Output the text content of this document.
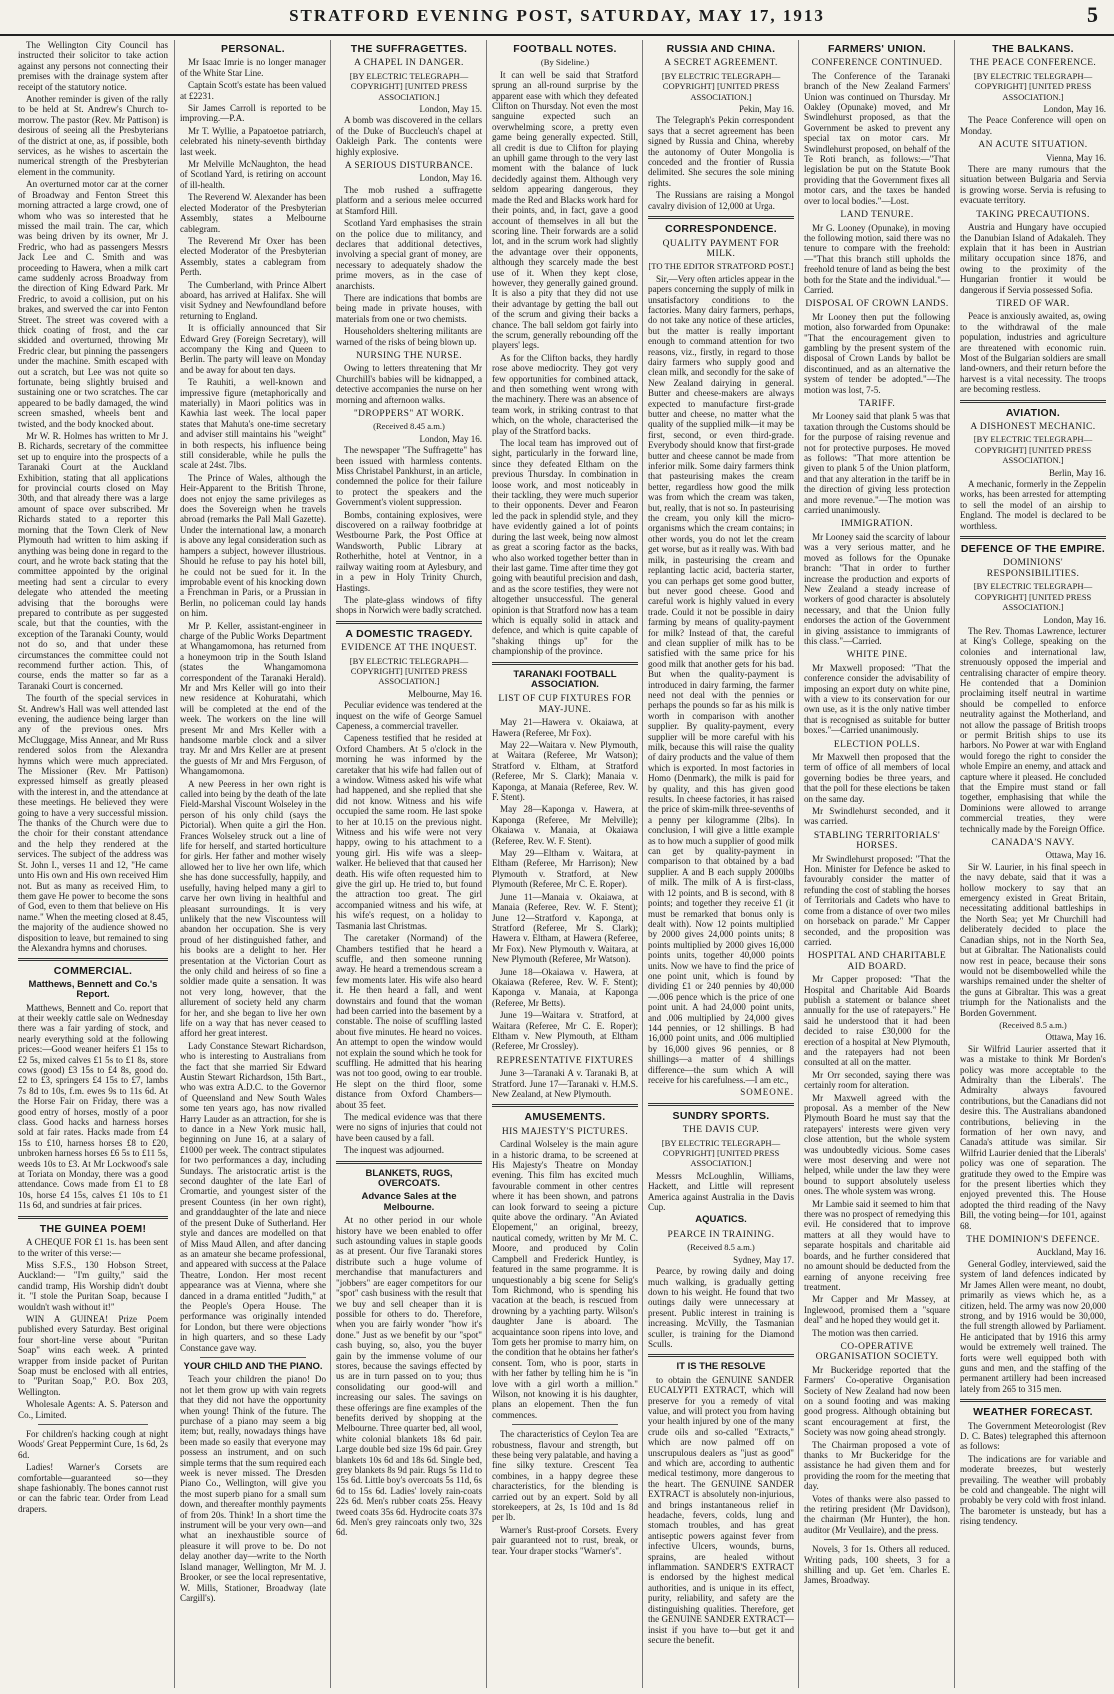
STRATFORD EVENING POST, SATURDAY, MAY 17, 1913	5

The Wellington City Council has instructed their solicitor to take action against any persons not connecting their premises with the drainage system after receipt of the statutory notice.

Another reminder is given of the rally to be held at St. Andrew's Church to-morrow. The pastor (Rev. Mr Pattison) is desirous of seeing all the Presbyterians of the district at one, as, if possible, both services, as he wishes to ascertain the numerical strength of the Presbyterian element in the community.

An overturned motor car at the corner of Broadway and Fenton Street this morning attracted a large crowd, one of whom who was so interested that he missed the mail train. The car, which was being driven by its owner, Mr J. Fredric, who had as passengers Messrs Jack Lee and C. Smith and was proceeding to Hawera, when a milk cart came suddenly across Broadway from the direction of King Edward Park. Mr Fredric, to avoid a collision, put on his brakes, and swerved the car into Fenton Street. The street was covered with a thick coating of frost, and the car skidded and overturned, throwing Mr Fredric clear, but pinning the passengers under the machine. Smith escaped with out a scratch, but Lee was not quite so fortunate, being slightly bruised and sustaining one or two scratches. The car appeared to be badly damaged, the wind screen smashed, wheels bent and twisted, and the body knocked about.

Mr W. R. Holmes has written to Mr J. B. Richards, secretary of the committee set up to enquire into the prospects of a Taranaki Court at the Auckland Exhibition, stating that all applications for provincial courts closed on May 30th, and that already there was a large amount of space over subscribed. Mr Richards stated to a reporter this morning that the Town Clerk of New Plymouth had written to him asking if anything was being done in regard to the court, and he wrote back stating that the committee appointed by the original meeting had sent a circular to every delegate who attended the meeting advising that the boroughs were prepared to contribute as per suggested scale, but that the counties, with the exception of the Taranaki County, would not do so, and that under these circumstances the committee could not recommend further action. This, of course, ends the matter so far as a Taranaki Court is concerned.

The fourth of the special services in St. Andrew's Hall was well attended last evening, the audience being larger than any of the previous ones. Mrs McCluggage, Miss Annear, and Mr Russ rendered solos from the Alexandra hymns which were much appreciated. The Missioner (Rev. Mr Pattison) expressed himself as greatly pleased with the interest in, and the attendance at these meetings. He believed they were going to have a very successful mission. The thanks of the Church were due to the choir for their constant attendance and the help they rendered at the services. The subject of the address was St. John I., verses 11 and 12, "He came unto His own and His own received Him not. But as many as received Him, to them gave He power to become the sons of God, even to them that believe on His name." When the meeting closed at 8.45, the majority of the audience showed no disposition to leave, but remained to sing the Alexandra hymns and choruses.

COMMERCIAL.
Matthews, Bennett and Co.'s Report.

Matthews, Bennett and Co. report that at their weekly cattle sale on Wednesday there was a fair yarding of stock, and nearly everything sold at the following prices:—Good weaner heifers £1 15s to £2 5s, mixed calves £1 5s to £1 8s, store cows (good) £3 15s to £4 8s, good do. £2 to £3, springers £4 15s to £7, lambs 7s 8d to 10s, f.m. ewes 9s to 11s 6d. At the Horse Fair on Friday, there was a good entry of horses, mostly of a poor class. Good hacks and harness horses sold at fair rates. Hacks made from £4 15s to £10, harness horses £8 to £20, unbroken harness horses £6 5s to £11 5s, weeds 10s to £3. At Mr Lockwood's sale at Toriata on Monday, there was a good attendance. Cows made from £1 to £8 10s, horse £4 15s, calves £1 10s to £1 11s 6d, and sundries at fair prices.

THE GUINEA POEM!

A CHEQUE FOR £1 1s. has been sent to the writer of this verse:—

Miss S.F.S., 130 Hobson Street, Auckland:— "I'm guilty," said the candid tramp, His Worship didn't doubt it. "I stole the Puritan Soap, because I wouldn't wash without it!"

WIN A GUINEA! Prize Poem published every Saturday. Best original four short-line verse about "Puritan Soap" wins each week. A printed wrapper from inside packet of Puritan Soap must be enclosed with all entries, to "Puritan Soap," P.O. Box 203, Wellington.

Wholesale Agents: A. S. Paterson and Co., Limited.

For children's hacking cough at night Woods' Great Peppermint Cure, 1s 6d, 2s 6d.

Ladies! Warner's Corsets are comfortable—guaranteed so—they shape fashionably. The bones cannot rust or can the fabric tear. Order from Lead drapers.

PERSONAL.

Mr Isaac Imrie is no longer manager of the White Star Line.

Captain Scott's estate has been valued at £2231.

Sir James Carroll is reported to be improving.—P.A.

Mr T. Wyllie, a Papatoetoe patriarch, celebrated his ninety-seventh birthday last week.

Mr Melville McNaughton, the head of Scotland Yard, is retiring on account of ill-health.

The Reverend W. Alexander has been elected Moderator of the Presbyterian Assembly, states a Melbourne cablegram.

The Reverend Mr Oxer has been elected Moderator of the Presbyterian Assembly, states a cablegram from Perth.

The Cumberland, with Prince Albert aboard, has arrived at Halifax. She will visit Sydney and Newfoundland before returning to England.

It is officially announced that Sir Edward Grey (Foreign Secretary), will accompany the King and Queen to Berlin. The party will leave on Monday and be away for about ten days.

Te Rauhiti, a well-known and impressive figure (metaphorically and materially) in Maori politics was in Kawhia last week. The local paper states that Mahuta's one-time secretary and adviser still maintains his "weight" in both respects, his influence being still considerable, while he pulls the scale at 24st. 7lbs.

The Prince of Wales, although the Heir-Apparent to the British Throne, does not enjoy the same privileges as does the Sovereign when he travels abroad (remarks the Pall Mall Gazette). Under the international law, a monarch is above any legal consideration such as hampers a subject, however illustrious. Should he refuse to pay his hotel bill, he could not be sued for it. In the improbable event of his knocking down a Frenchman in Paris, or a Prussian in Berlin, no policeman could lay hands on him.

Mr P. Keller, assistant-engineer in charge of the Public Works Department at Whangamomona, has returned from a honeymoon trip in the South Island (states the Whangamomona correspondent of the Taranaki Herald). Mr and Mrs Keller will go into their new residence at Kohuratahi, which will be completed at the end of the week. The workers on the line will present Mr and Mrs Keller with a handsome marble clock and a silver tray. Mr and Mrs Keller are at present the guests of Mr and Mrs Ferguson, of Whangamomona.

A new Peeress in her own right is called into being by the death of the late Field-Marshal Viscount Wolseley in the person of his only child (says the Pictorial). When quite a girl the Hon. Frances Wolseley struck out a line of life for herself, and started horticulture for girls. Her father and mother wisely allowed her to live her own life, which she has done successfully, happily, and usefully, having helped many a girl to carve her own living in healthful and pleasant surroundings. It is very unlikely that the new Viscountess will abandon her occupation. She is very proud of her distinguished father, and his books are a delight to her. Her presentation at the Victorian Court as the only child and heiress of so fine a soldier made quite a sensation. It was not very long, however, that the allurement of society held any charm for her, and she began to live her own life on a way that has never ceased to afford her great interest.

Lady Constance Stewart Richardson, who is interesting to Australians from the fact that she married Sir Edward Austin Stewart Richardson, 15th Bart., who was extra A.D.C. to the Governor of Queensland and New South Wales some ten years ago, has now rivalled Harry Lauder as an attraction, for she is to dance in a New York music hall, beginning on June 16, at a salary of £1000 per week. The contract stipulates for two performances a day, including Sundays. The aristocratic artist is the second daughter of the late Earl of Cromartie, and youngest sister of the present Countess (in her own right), and granddaughter of the late and niece of the present Duke of Sutherland. Her style and dances are modelled on that of Miss Maud Allen, and after dancing as an amateur she became professional, and appeared with success at the Palace Theatre, London. Her most recent appearance was at Vienna, where she danced in a drama entitled "Judith," at the People's Opera House. The performance was originally intended for London, but there were objections in high quarters, and so these Lady Constance gave way.

YOUR CHILD AND THE PIANO.

Teach your children the piano! Do not let them grow up with vain regrets that they did not have the opportunity when young! Think of the future. The purchase of a piano may seem a big item; but, really, nowadays things have been made so easily that everyone may possess an instrument, and on such simple terms that the sum required each week is never missed. The Dresden Piano Co., Wellington, will give you the most superb piano for a small sum down, and thereafter monthly payments of from 20s. Think! In a short time the instrument will be your very own—and what an inexhaustible source of pleasure it will prove to be. Do not delay another day—write to the North Island manager, Wellington, Mr M. J. Brooker, or see the local representative, W. Mills, Stationer, Broadway (late Cargill's).

THE SUFFRAGETTES.
A CHAPEL IN DANGER.
[BY ELECTRIC TELEGRAPH—COPYRIGHT] [UNITED PRESS ASSOCIATION.]
London, May 15.

A bomb was discovered in the cellars of the Duke of Buccleuch's chapel at Oakleigh Park. The contents were highly explosive.

A SERIOUS DISTURBANCE.
London, May 16.

The mob rushed a suffragette platform and a serious melee occurred at Stamford Hill.

Scotland Yard emphasises the strain on the police due to militancy, and declares that additional detectives, involving a special grant of money, are necessary to adequately shadow the prime movers, as in the case of anarchists.

There are indications that bombs are being made in private houses, with materials from one or two chemists.

Householders sheltering militants are warned of the risks of being blown up.

NURSING THE NURSE.

Owing to letters threatening that Mr Churchill's babies will be kidnapped, a detective accompanies the nurse on her morning and afternoon walks.

"DROPPERS" AT WORK.
(Received 8.45 a.m.)
London, May 16.

The newspaper "The Suffragette" has been issued with harmless contents. Miss Christabel Pankhurst, in an article, condemned the police for their failure to protect the speakers and the Government's violent suppression.

Bombs, containing explosives, were discovered on a railway footbridge at Westbourne Park, the Post Office at Wandsworth, Public Library at Rotherhithe, hotel at Ventnor, in a railway waiting room at Aylesbury, and in a pew in Holy Trinity Church, Hastings.

The plate-glass windows of fifty shops in Norwich were badly scratched.

A DOMESTIC TRAGEDY.
EVIDENCE AT THE INQUEST.
[BY ELECTRIC TELEGRAPH—COPYRIGHT] [UNITED PRESS ASSOCIATION.]
Melbourne, May 16.

Peculiar evidence was tendered at the inquest on the wife of George Samuel Capeness, a commercial traveller.

Capeness testified that he resided at Oxford Chambers. At 5 o'clock in the morning he was informed by the caretaker that his wife had fallen out of a window. Witness asked his wife what had happened, and she replied that she did not know. Witness and his wife occupied the same room. He last spoke to her at 10.15 on the previous night. Witness and his wife were not very happy, owing to his attachment to a young girl. His wife was a sleep-walker. He believed that that caused her death. His wife often requested him to give the girl up. He tried to, but found the attraction too great. The girl accompanied witness and his wife, at his wife's request, on a holiday to Tasmania last Christmas.

The caretaker (Normand) of the Chambers testified that he heard a scuffle, and then someone running away. He heard a tremendous scream a few moments later. His wife also heard it. He then heard a fall, and went downstairs and found that the woman had been carried into the basement by a constable. The noise of scuffling lasted about five minutes. He heard no voices. An attempt to open the window would not explain the sound which he took for scuffling. He admitted that his hearing was not too good, owing to ear trouble. He slept on the third floor, some distance from Oxford Chambers—about 35 feet.

The medical evidence was that there were no signs of injuries that could not have been caused by a fall.

The inquest was adjourned.

BLANKETS, RUGS, OVERCOATS.
Advance Sales at the Melbourne.

At no other period in our whole history have we been enabled to offer such astounding values in staple goods as at present. Our five Taranaki stores distribute such a huge volume of merchandise that manufacturers and "jobbers" are eager competitors for our "spot" cash business with the result that we buy and sell cheaper than it is possible for others to do. Therefore, when you are fairly wonder "how it's done." Just as we benefit by our "spot" cash buying, so, also, you the buyer gain by the immense volume of our stores, because the savings effected by us are in turn passed on to you; thus consolidating our good-will and increasing our sales. The savings on these offerings are fine examples of the benefits derived by shopping at the Melbourne. Three quarter bed, all wool, white colonial blankets 18s 6d pair. Large double bed size 19s 6d pair. Grey blankets 10s 6d and 18s 6d. Single bed, grey blankets 8s 9d pair. Rugs 5s 11d to 15s 6d. Little boy's overcoats 5s 11d, 6s 6d to 15s 6d. Ladies' lovely rain-coats 22s 6d. Men's rubber coats 25s. Heavy tweed coats 35s 6d. Hydrocite coats 37s 6d. Men's grey raincoats only two, 32s 6d.

FOOTBALL NOTES.
(By Sideline.)

It can well be said that Stratford sprung an all-round surprise by the apparent ease with which they defeated Clifton on Thursday. Not even the most sanguine expected such an overwhelming score, a pretty even game being generally expected. Still, all credit is due to Clifton for playing an uphill game through to the very last moment with the balance of luck decidedly against them. Although very seldom appearing dangerous, they made the Red and Blacks work hard for their points, and, in fact, gave a good account of themselves in all but the scoring line. Their forwards are a solid lot, and in the scrum work had slightly the advantage over their opponents, although they scarcely made the best use of it. When they kept close, however, they generally gained ground. It is also a pity that they did not use their advantage by getting the ball out of the scrum and giving their backs a chance. The ball seldom got fairly into the scrum, generally rebounding off the players' legs.

As for the Clifton backs, they hardly rose above mediocrity. They got very few opportunities for combined attack, and then something went wrong with the machinery. There was an absence of team work, in striking contrast to that which, on the whole, characterised the play of the Stratford backs.

The local team has improved out of sight, particularly in the forward line, since they defeated Eltham on the previous Thursday. In combination in loose work, and most noticeably in their tackling, they were much superior to their opponents. Dever and Fearon led the pack in splendid style, and they have evidently gained a lot of points during the last week, being now almost as great a scoring factor as the backs, who also worked together better than in their last game. Time after time they got going with beautiful precision and dash, and as the score testifies, they were not altogether unsuccessful. The general opinion is that Stratford now has a team which is equally solid in attack and defence, and which is quite capable of "shaking things up" for the championship of the province.

TARANAKI FOOTBALL ASSOCIATION.
LIST OF CUP FIXTURES FOR MAY-JUNE.

May 21—Hawera v. Okaiawa, at Hawera (Referee, Mr Fox).

May 22—Waitara v. New Plymouth, at Waitara (Referee, Mr Watson); Stratford v. Eltham, at Stratford (Referee, Mr S. Clark); Manaia v. Kaponga, at Manaia (Referee, Rev. W. F. Stent).

May 28—Kaponga v. Hawera, at Kaponga (Referee, Mr Melville); Okaiawa v. Manaia, at Okaiawa (Referee, Rev. W. F. Stent).

May 29—Eltham v. Waitara, at Eltham (Referee, Mr Harrison); New Plymouth v. Stratford, at New Plymouth (Referee, Mr C. E. Roper).

June 11—Manaia v. Okaiawa, at Manaia (Referee, Rev. W. F. Stent); June 12—Stratford v. Kaponga, at Stratford (Referee, Mr S. Clark); Hawera v. Eltham, at Hawera (Referee, Mr Fox). New Plymouth v. Waitara, at New Plymouth (Referee, Mr Watson).

June 18—Okaiawa v. Hawera, at Okaiawa (Referee, Rev. W. F. Stent); Kaponga v. Manaia, at Kaponga (Referee, Mr Betts).

June 19—Waitara v. Stratford, at Waitara (Referee, Mr C. E. Roper); Eltham v. New Plymouth, at Eltham (Referee, Mr Crossley).

REPRESENTATIVE FIXTURES

June 3—Taranaki A v. Taranaki B, at Stratford. June 17—Taranaki v. H.M.S. New Zealand, at New Plymouth.

AMUSEMENTS.
HIS MAJESTY'S PICTURES.

Cardinal Wolseley is the main agure in a historic drama, to be screened at His Majesty's Theatre on Monday evening. This film has excited much favourable comment in other centres where it has been shown, and patrons can look forward to seeing a picture quite above the ordinary. "An Aviated Elopement," an original, breezy, nautical comedy, written by Mr M. C. Moore, and produced by Colin Campbell and Frederick Huntley, is featured in the same programme. It is unquestionably a big scene for Selig's Tom Richmond, who is spending his vacation at the beach, is rescued from drowning by a yachting party. Wilson's daughter Jane is aboard. The acquaintance soon ripens into love, and Tom gets her promise to marry him, on the condition that he obtains her father's consent. Tom, who is poor, starts in with her father by telling him he is "in love with a girl worth a million." Wilson, not knowing it is his daughter, plans an elopement. Then the fun commences.

The characteristics of Ceylon Tea are robustness, flavour and strength, but these being very palatable, and having a fine silky texture. Crescent Tea combines, in a happy degree these characteristics, for the blending is carried out by an expert. Sold by all storekeepers, at 2s, 1s 10d and 1s 8d per lb.

Warner's Rust-proof Corsets. Every pair guaranteed not to rust, break, or tear. Your draper stocks "Warner's".

RUSSIA AND CHINA.
A SECRET AGREEMENT.
[BY ELECTRIC TELEGRAPH—COPYRIGHT] [UNITED PRESS ASSOCIATION.]
Pekin, May 16.

The Telegraph's Pekin correspondent says that a secret agreement has been signed by Russia and China, whereby the autonomy of Outer Mongolia is conceded and the frontier of Russia delimited. She secures the sole mining rights.

The Russians are raising a Mongol cavalry division of 12,000 at Urga.

CORRESPONDENCE.
QUALITY PAYMENT FOR MILK.
[TO THE EDITOR STRATFORD POST.]

Sir,—Very often articles appear in the papers concerning the supply of milk in unsatisfactory conditions to the factories. Many dairy farmers, perhaps, do not take any notice of these articles, but the matter is really important enough to command attention for two reasons, viz., firstly, in regard to those dairy farmers who supply good and clean milk, and secondly for the sake of New Zealand dairying in general. Butter and cheese-makers are always expected to manufacture first-grade butter and cheese, no matter what the quality of the supplied milk—it may be first, second, or even third-grade. Everybody should know that first-grade butter and cheese cannot be made from inferior milk. Some dairy farmers think that pasteurising makes the cream better, regardless how good the milk was from which the cream was taken, but, really, that is not so. In pasteurising the cream, you only kill the micro-organisms which the cream contains; in other words, you do not let the cream get worse, but as it really was. With bad milk, in pasteurising the cream and replanting lactic acid, bacteria starter, you can perhaps get some good butter, but never good cheese. Good and careful work is highly valued in every trade. Could it not be possible in dairy farming by means of quality-payment for milk? Instead of that, the careful and clean supplier of milk has to be satisfied with the same price for his good milk that another gets for his bad. But when the quality-payment is introduced in dairy farming, the farmer need not deal with the pennies or perhaps the pounds so far as his milk is worth in comparison with another supplier. By quality-payment, every supplier will be more careful with his milk, because this will raise the quality of dairy products and the value of them which is exported. In most factories in Homo (Denmark), the milk is paid for by quality, and this has given good results. In cheese factories, it has raised the price of skim-milk three-sevenths of a penny per kilogramme (2lbs). In conclusion, I will give a little example as to how much a supplier of good milk can get by quality-payment in comparison to that obtained by a bad supplier. A and B each supply 2000lbs of milk. The milk of A is first-class, with 12 points, and B is second, with 8 points; and together they receive £1 (it must be remarked that bonus only is dealt with). Now 12 points multiplied by 2000 gives 24,000 points units; 8 points multiplied by 2000 gives 16,000 points units, together 40,000 points units. Now we have to find the price of one point unit, which is found by dividing £1 or 240 pennies by 40,000—.006 pence which is the price of one point unit. A had 24,000 point units, and .006 multiplied by 24,000 gives 144 pennies, or 12 shillings. B had 16,000 point units, and .006 multiplied by 16,000 gives 96 pennies, or 8 shillings—a matter of 4 shillings difference—the sum which A will receive for his carefulness.—I am etc.,

SOMEONE.
SUNDRY SPORTS.
THE DAVIS CUP.
[BY ELECTRIC TELEGRAPH—COPYRIGHT] [UNITED PRESS ASSOCIATION.]

Messrs McLoughlin, Williams, Hackett, and Little will represent America against Australia in the Davis Cup.

AQUATICS.
PEARCE IN TRAINING.
(Received 8.5 a.m.)
Sydney, May 17.

Pearce, by rowing daily and doing much walking, is gradually getting down to his weight. He found that two outings daily were unnecessary at present. Public interest in training is increasing. McVilly, the Tasmanian sculler, is training for the Diamond Sculls.

IT IS THE RESOLVE

to obtain the GENUINE SANDER EUCALYPTI EXTRACT, which will preserve for you a remedy of vital value, and will protect you from having your health injured by one of the many crude oils and so-called "Extracts," which are now palmed off on unscrupulous dealers as "just as good" and which are, according to authentic medical testimony, more dangerous to the heart. The GENUINE SANDER EXTRACT is absolutely non-injurious, and brings instantaneous relief in headache, fevers, colds, lung and stomach troubles, and has great antiseptic powers against fever from infective Ulcers, wounds, burns, sprains, are healed without inflammation. SANDER'S EXTRACT is endorsed by the highest medical authorities, and is unique in its effect, purity, reliability, and safety are the distinguishing qualities. Therefore, get the GENUINE SANDER EXTRACT—insist if you have to—but get it and secure the benefit.

FARMERS' UNION.
CONFERENCE CONTINUED.

The Conference of the Taranaki branch of the New Zealand Farmers' Union was continued on Thursday. Mr Oakley (Opunake) moved, and Mr Swindlehurst proposed, as that the Government be asked to prevent any special tax on motor cars. Mr Swindlehurst proposed, on behalf of the Te Roti branch, as follows:—"That legislation be put on the Statute Book providing that the Government fixes all motor cars, and the taxes be handed over to local bodies."—Lost.

LAND TENURE.

Mr G. Looney (Opunake), in moving the following motion, said there was no tenure to compare with the freehold:—"That this branch still upholds the freehold tenure of land as being the best both for the State and the individual."—Carried.

DISPOSAL OF CROWN LANDS.

Mr Looney then put the following motion, also forwarded from Opunake: "That the encouragement given to gambling by the present system of the disposal of Crown Lands by ballot be discontinued, and as an alternative the system of tender be adopted."—The motion was lost, 7-5.

TARIFF.

Mr Looney said that plank 5 was that taxation through the Customs should be for the purpose of raising revenue and not for protective purposes. He moved as follows: "That more attention be given to plank 5 of the Union platform, and that any alteration in the tariff be in the direction of giving less protection and more revenue."—The motion was carried unanimously.

IMMIGRATION.

Mr Looney said the scarcity of labour was a very serious matter, and he moved as follows for the Opunake branch: "That in order to further increase the production and exports of New Zealand a steady increase of workers of good character is absolutely necessary, and that the Union fully endorses the action of the Government in giving assistance to immigrants of this class."—Carried.

WHITE PINE.

Mr Maxwell proposed: "That the conference consider the advisability of imposing an export duty on white pine, with a view to its conservation for our own use, as it is the only native timber that is recognised as suitable for butter boxes."—Carried unanimously.

ELECTION POLLS.

Mr Maxwell then proposed that the term of office of all members of local governing bodies be three years, and that the poll for these elections be taken on the same day.

Mr Swindlehurst seconded, and it was carried.

STABLING TERRITORIALS' HORSES.

Mr Swindlehurst proposed: "That the Hon. Minister for Defence be asked to favourably consider the matter of refunding the cost of stabling the horses of Territorials and Cadets who have to come from a distance of over two miles on horseback on parade." Mr Capper seconded, and the proposition was carried.

HOSPITAL AND CHARITABLE AID BOARD.

Mr Capper proposed: "That the Hospital and Charitable Aid Boards publish a statement or balance sheet annually for the use of ratepayers." He said he understood that it had been decided to raise £30,000 for the erection of a hospital at New Plymouth, and the ratepayers had not been consulted at all on the matter.

Mr Orr seconded, saying there was certainly room for alteration.

Mr Maxwell agreed with the proposal. As a member of the New Plymouth Board he must say that the ratepayers' interests were given very close attention, but the whole system was undoubtedly vicious. Some cases were most deserving and were not helped, while under the law they were bound to support absolutely useless ones. The whole system was wrong.

Mr Lambie said it seemed to him that there was no prospect of remedying this evil. He considered that to improve matters at all they would have to separate hospitals and charitable aid boards, and he further considered that no amount should be deducted from the earning of anyone receiving free treatment.

Mr Capper and Mr Massey, at Inglewood, promised them a "square deal" and he hoped they would get it.

The motion was then carried.

CO-OPERATIVE ORGANISATION SOCIETY.

Mr Buckeridge reported that the Farmers' Co-operative Organisation Society of New Zealand had now been on a sound footing and was making good progress. Although obtaining but scant encouragement at first, the Society was now going ahead strongly.

The Chairman proposed a vote of thanks to Mr Buckeridge for the assistance he had given them and for providing the room for the meeting that day.

Votes of thanks were also passed to the retiring president (Mr Davidson), the chairman (Mr Hunter), the hon. auditor (Mr Veullaire), and the press.

Novels, 3 for 1s. Others all reduced. Writing pads, 100 sheets, 3 for a shilling and up. Get 'em. Charles E. James, Broadway.

THE BALKANS.
THE PEACE CONFERENCE.
[BY ELECTRIC TELEGRAPH—COPYRIGHT] [UNITED PRESS ASSOCIATION.]
London, May 16.

The Peace Conference will open on Monday.

AN ACUTE SITUATION.
Vienna, May 16.

There are many rumours that the situation between Bulgaria and Servia is growing worse. Servia is refusing to evacuate territory.

TAKING PRECAUTIONS.

Austria and Hungary have occupied the Danubian Island of Adakaleh. They explain that it has been in Austrian military occupation since 1876, and owing to the proximity of the Hungarian frontier it would be dangerous if Servia possessed Sofia.

TIRED OF WAR.

Peace is anxiously awaited, as, owing to the withdrawal of the male population, industries and agriculture are threatened with economic ruin. Most of the Bulgarian soldiers are small land-owners, and their return before the harvest is a vital necessity. The troops are becoming restless.

AVIATION.
A DISHONEST MECHANIC.
[BY ELECTRIC TELEGRAPH—COPYRIGHT] [UNITED PRESS ASSOCIATION.]
Berlin, May 16.

A mechanic, formerly in the Zeppelin works, has been arrested for attempting to sell the model of an airship to England. The model is declared to be worthless.

DEFENCE OF THE EMPIRE.
DOMINIONS' RESPONSIBILITIES.
[BY ELECTRIC TELEGRAPH—COPYRIGHT] [UNITED PRESS ASSOCIATION.]
London, May 16.

The Rev. Thomas Lawrence, lecturer at King's College, speaking on the colonies and international law, strenuously opposed the imperial and centralising character of empire theory. He contended that a Dominion proclaiming itself neutral in wartime should be compelled to enforce neutrality against the Motherland, and not allow the passage of British troops or permit British ships to use its harbors. No Power at war with England would forego the right to consider the whole Empire an enemy, and attack and capture where it pleased. He concluded that the Empire must stand or fall together, emphasising that while the Dominions were allowed to arrange commercial treaties, they were technically made by the Foreign Office.

CANADA'S NAVY.
Ottawa, May 16.

Sir W. Laurier, in his final speech in the navy debate, said that it was a hollow mockery to say that an emergency existed in Great Britain, necessitating additional battleships in the North Sea; yet Mr Churchill had deliberately decided to place the Canadian ships, not in the North Sea, but at Gibraltar. The Nationalists could now rest in peace, because their sons would not be disembowelled while the warships remained under the shelter of the guns at Gibraltar. This was a great triumph for the Nationalists and the Borden Government.

(Received 8.5 a.m.)
Ottawa, May 16.

Sir Wilfrid Laurier asserted that it was a mistake to think Mr Borden's policy was more acceptable to the Admiralty than the Liberals'. The Admiralty always favoured contributions, but the Canadians did not desire this. The Australians abandoned contributions, believing in the formation of her own navy, and Canada's attitude was similar. Sir Wilfrid Laurier denied that the Liberals' policy was one of separation. The gratitude they owed to the Empire was for the present liberties which they enjoyed prevented this. The House adopted the third reading of the Navy Bill, the voting being—for 101, against 68.

THE DOMINION'S DEFENCE.
Auckland, May 16.

General Godley, interviewed, said the system of land defences indicated by Mr James Allen were meant, no doubt, primarily as views which he, as a citizen, held. The army was now 20,000 strong, and by 1916 would be 30,000, the full strength allowed by Parliament. He anticipated that by 1916 this army would be extremely well trained. The forts were well equipped both with guns and men, and the staffing of the permanent artillery had been increased lately from 265 to 315 men.

WEATHER FORECAST.

The Government Meteorologist (Rev D. C. Bates) telegraphed this afternoon as follows:

The indications are for variable and moderate breezes, but westerly prevailing. The weather will probably be cold and changeable. The night will probably be very cold with frost inland. The barometer is unsteady, but has a rising tendency.
